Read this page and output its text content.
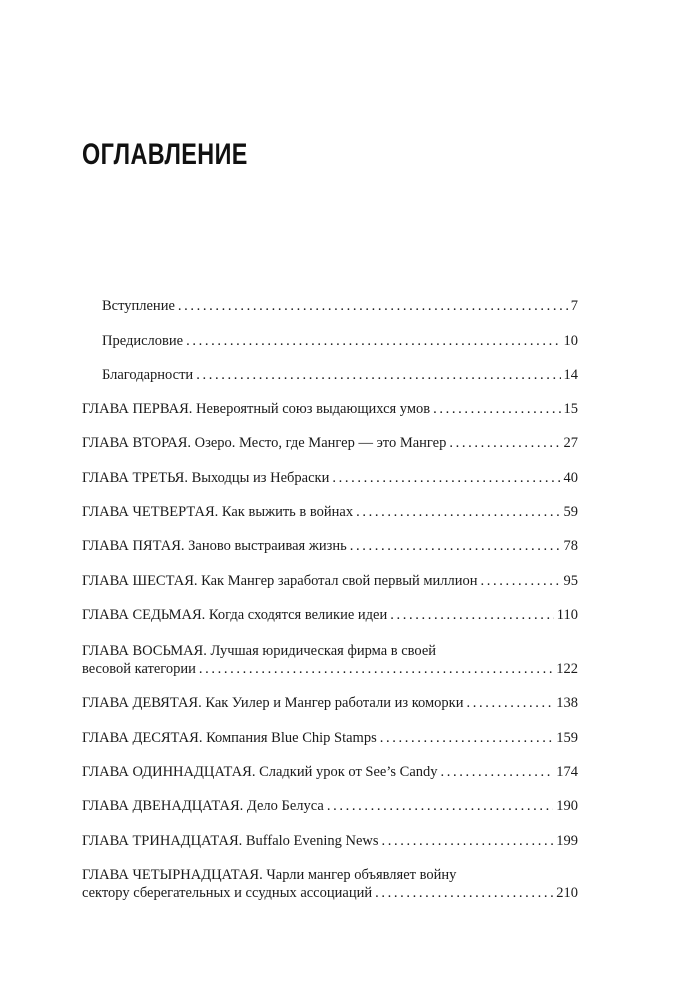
ОГЛАВЛЕНИЕ
Вступление . . .	7
Предисловие . . .	10
Благодарности . . .	14
ГЛАВА ПЕРВАЯ. Невероятный союз выдающихся умов . . .	15
ГЛАВА ВТОРАЯ. Озеро. Место, где Мангер — это Мангер . . .	27
ГЛАВА ТРЕТЬЯ. Выходцы из Небраски . . .	40
ГЛАВА ЧЕТВЕРТАЯ. Как выжить в войнах . . .	59
ГЛАВА ПЯТАЯ. Заново выстраивая жизнь . . .	78
ГЛАВА ШЕСТАЯ. Как Мангер заработал свой первый миллион . . .	95
ГЛАВА СЕДЬМАЯ. Когда сходятся великие идеи . . .	110
ГЛАВА ВОСЬМАЯ. Лучшая юридическая фирма в своей
весовой категории . . .	122
ГЛАВА ДЕВЯТАЯ. Как Уилер и Мангер работали из коморки . . .	138
ГЛАВА ДЕСЯТАЯ. Компания Blue Chip Stamps . . .	159
ГЛАВА ОДИННАДЦАТАЯ. Сладкий урок от See’s Candy . . .	174
ГЛАВА ДВЕНАДЦАТАЯ. Дело Белуса . . .	190
ГЛАВА ТРИНАДЦАТАЯ. Buffalo Evening News . . .	199
ГЛАВА ЧЕТЫРНАДЦАТАЯ. Чарли мангер объявляет войну
сектору сберегательных и ссудных ассоциаций . . .	210
